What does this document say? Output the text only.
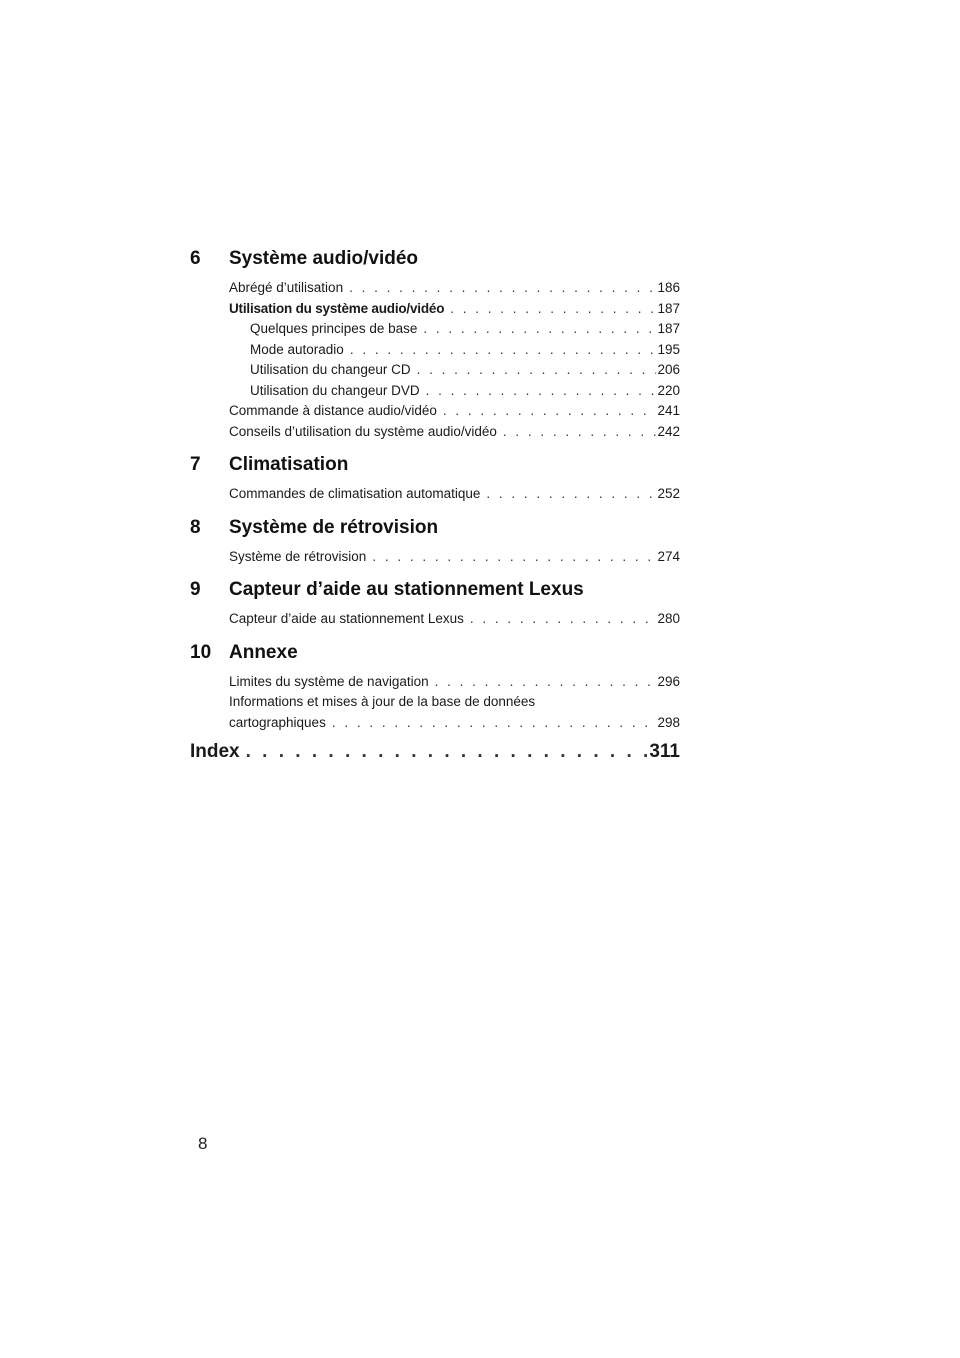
6	Système audio/vidéo
Abrégé d’utilisation . . .	186
Utilisation du système audio/vidéo . . .	187
Quelques principes de base . . .	187
Mode autoradio . . .	195
Utilisation du changeur CD . . .	206
Utilisation du changeur DVD . . .	220
Commande à distance audio/vidéo . . .	241
Conseils d’utilisation du système audio/vidéo . . .	242
7	Climatisation
Commandes de climatisation automatique . . .	252
8	Système de rétrovision
Système de rétrovision . . .	274
9	Capteur d’aide au stationnement Lexus
Capteur d’aide au stationnement Lexus . . .	280
10 Annexe
Limites du système de navigation . . .	296
Informations et mises à jour de la base de données
cartographiques . . .	298
Index . . .	311
8
